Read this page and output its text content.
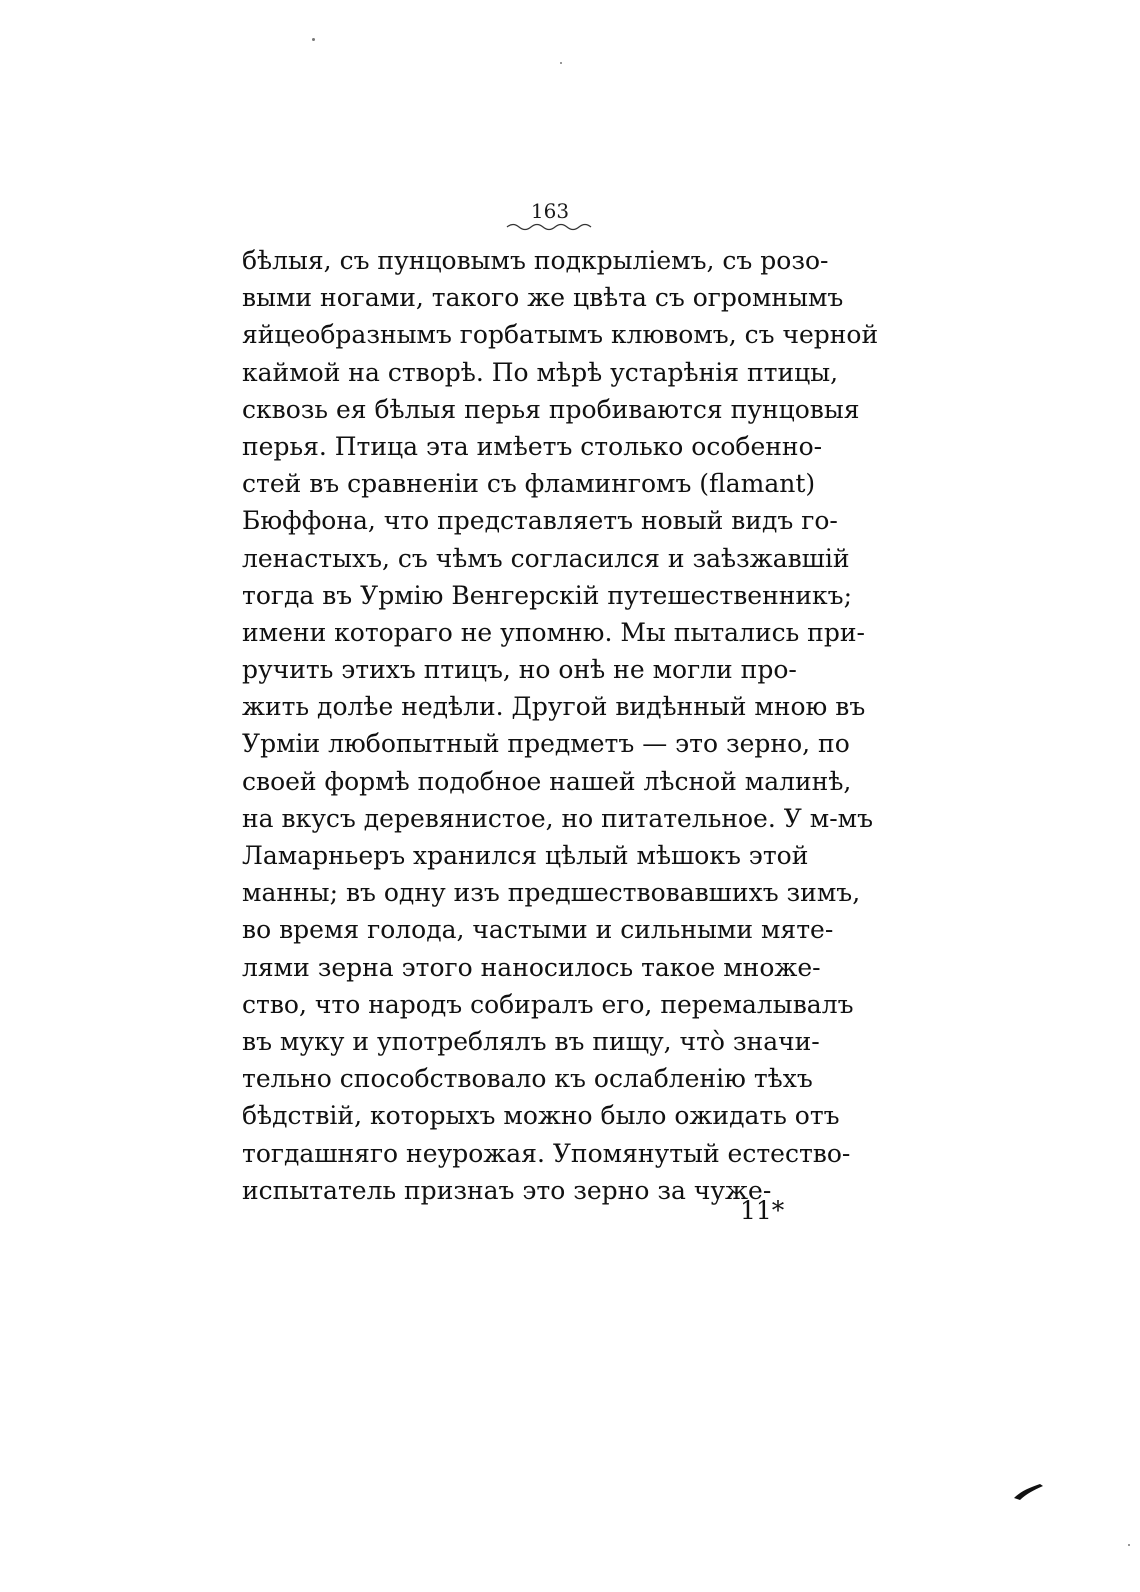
163
бѣлыя, съ пунцовымъ подкрыліемъ, съ розо-
выми ногами, такого же цвѣта съ огромнымъ
яйцеобразнымъ горбатымъ клювомъ, съ черной
каймой на створѣ. По мѣрѣ устарѣнія птицы,
сквозь ея бѣлыя перья пробиваются пунцовыя
перья. Птица эта имѣетъ столько особенно-
стей въ сравненіи съ фламингомъ (flamant)
Бюффона, что представляетъ новый видъ го-
ленастыхъ, съ чѣмъ согласился и заѣзжавшій
тогда въ Урмію Венгерскій путешественникъ;
имени котораго не упомню. Мы пытались при-
ручить этихъ птицъ, но онѣ не могли про-
жить долѣе недѣли. Другой видѣнный мною въ
Урміи любопытный предметъ — это зерно, по
своей формѣ подобное нашей лѣсной малинѣ,
на вкусъ деревянистое, но питательное. У м-мъ
Ламарньеръ хранился цѣлый мѣшокъ этой
манны; въ одну изъ предшествовавшихъ зимъ,
во время голода, частыми и сильными мяте-
лями зерна этого наносилось такое множе-
ство, что народъ собиралъ его, перемалывалъ
въ муку и употреблялъ въ пищу, что̀ значи-
тельно способствовало къ ослабленію тѣхъ
бѣдствій, которыхъ можно было ожидать отъ
тогдашняго неурожая. Упомянутый естество-
испытатель признаъ это зерно за чуже-
11*
